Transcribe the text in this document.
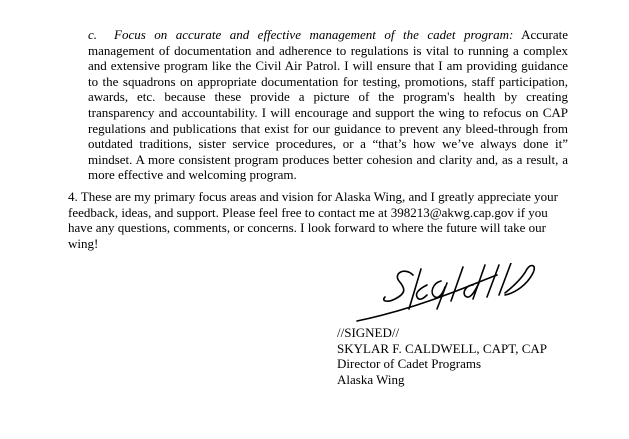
c. Focus on accurate and effective management of the cadet program: Accurate management of documentation and adherence to regulations is vital to running a complex and extensive program like the Civil Air Patrol. I will ensure that I am providing guidance to the squadrons on appropriate documentation for testing, promotions, staff participation, awards, etc. because these provide a picture of the program's health by creating transparency and accountability. I will encourage and support the wing to refocus on CAP regulations and publications that exist for our guidance to prevent any bleed-through from outdated traditions, sister service procedures, or a “that’s how we’ve always done it” mindset. A more consistent program produces better cohesion and clarity and, as a result, a more effective and welcoming program.

4. These are my primary focus areas and vision for Alaska Wing, and I greatly appreciate your feedback, ideas, and support. Please feel free to contact me at 398213@akwg.cap.gov if you have any questions, comments, or concerns. I look forward to where the future will take our wing!

//SIGNED//
SKYLAR F. CALDWELL, CAPT, CAP
Director of Cadet Programs
Alaska Wing
